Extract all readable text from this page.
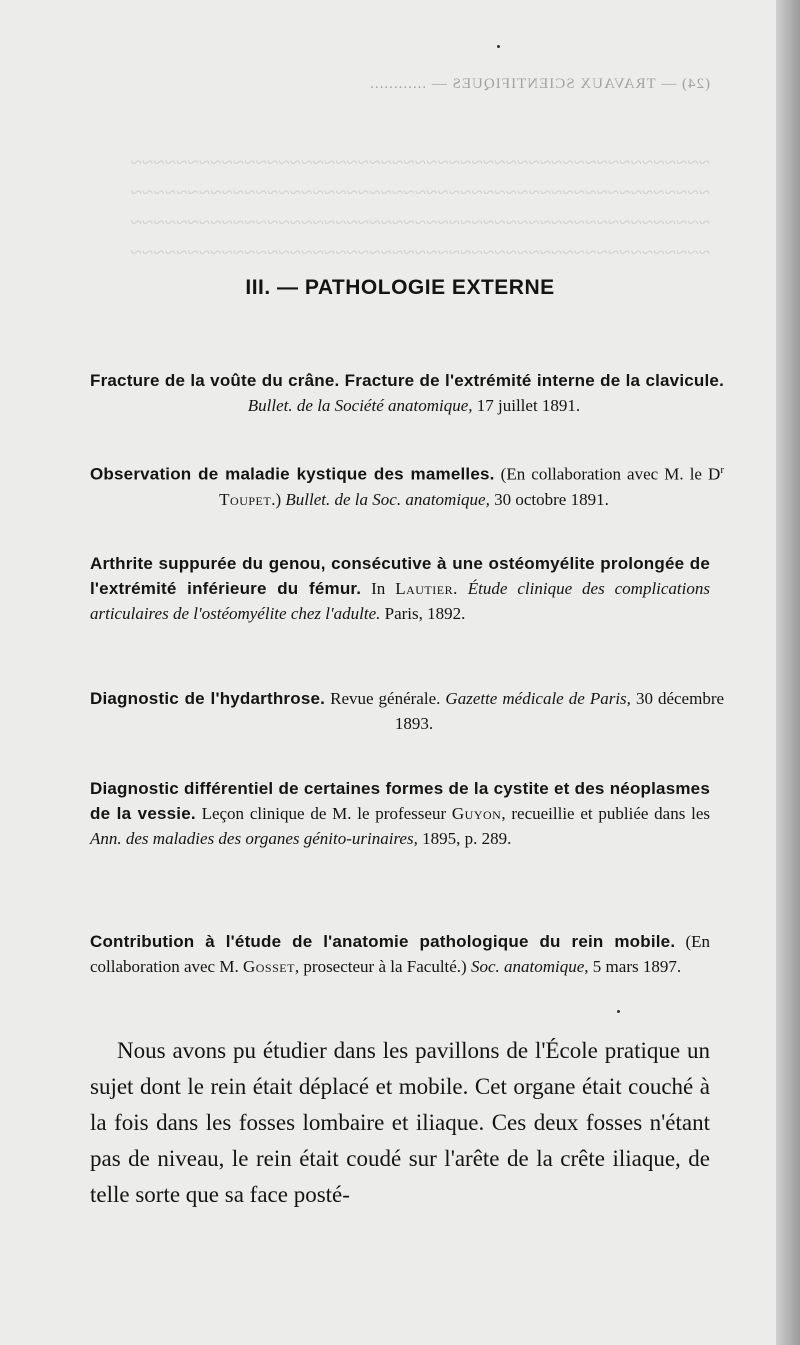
(24) — TRAVAUX SCIENTIFIQUES — ............
~~~~~~~~~~~~~~~~~~~~~~~~~~~~~~~~~~~~~~~~~~~~~~~~~~~
~~~~~~~~~~~~~~~~~~~~~~~~~~~~~~~~~~~~~~~~~~~~~~~~~~~
~~~~~~~~~~~~~~~~~~~~~~~~~~~~~~~~~~~~~~~~~~~~~~~~~~~
~~~~~~~~~~~~~~~~~~~~~~~~~~~~~~~~~~~~~~~~~~~~~~~~~~~
III. — PATHOLOGIE EXTERNE
Fracture de la voûte du crâne. Fracture de l'extrémité interne de la clavicule. Bullet. de la Société anatomique, 17 juillet 1891.
Observation de maladie kystique des mamelles. (En collaboration avec M. le $D^r$ Toupet.) Bullet. de la Soc. anatomique, 30 octobre 1891.
Arthrite suppurée du genou, consécutive à une ostéomyélite prolongée de l'extrémité inférieure du fémur. In Lautier. Étude clinique des complications articulaires de l'ostéomyélite chez l'adulte. Paris, 1892.
Diagnostic de l'hydarthrose. Revue générale. Gazette médicale de Paris, 30 décembre 1893.
Diagnostic différentiel de certaines formes de la cystite et des néoplasmes de la vessie. Leçon clinique de M. le professeur Guyon, recueillie et publiée dans les Ann. des maladies des organes génito-urinaires, 1895, p. 289.
Contribution à l'étude de l'anatomie pathologique du rein mobile. (En collaboration avec M. Gosset, prosecteur à la Faculté.) Soc. anatomique, 5 mars 1897.
Nous avons pu étudier dans les pavillons de l'École pratique un sujet dont le rein était déplacé et mobile. Cet organe était couché à la fois dans les fosses lombaire et iliaque. Ces deux fosses n'étant pas de niveau, le rein était coudé sur l'arête de la crête iliaque, de telle sorte que sa face posté-
